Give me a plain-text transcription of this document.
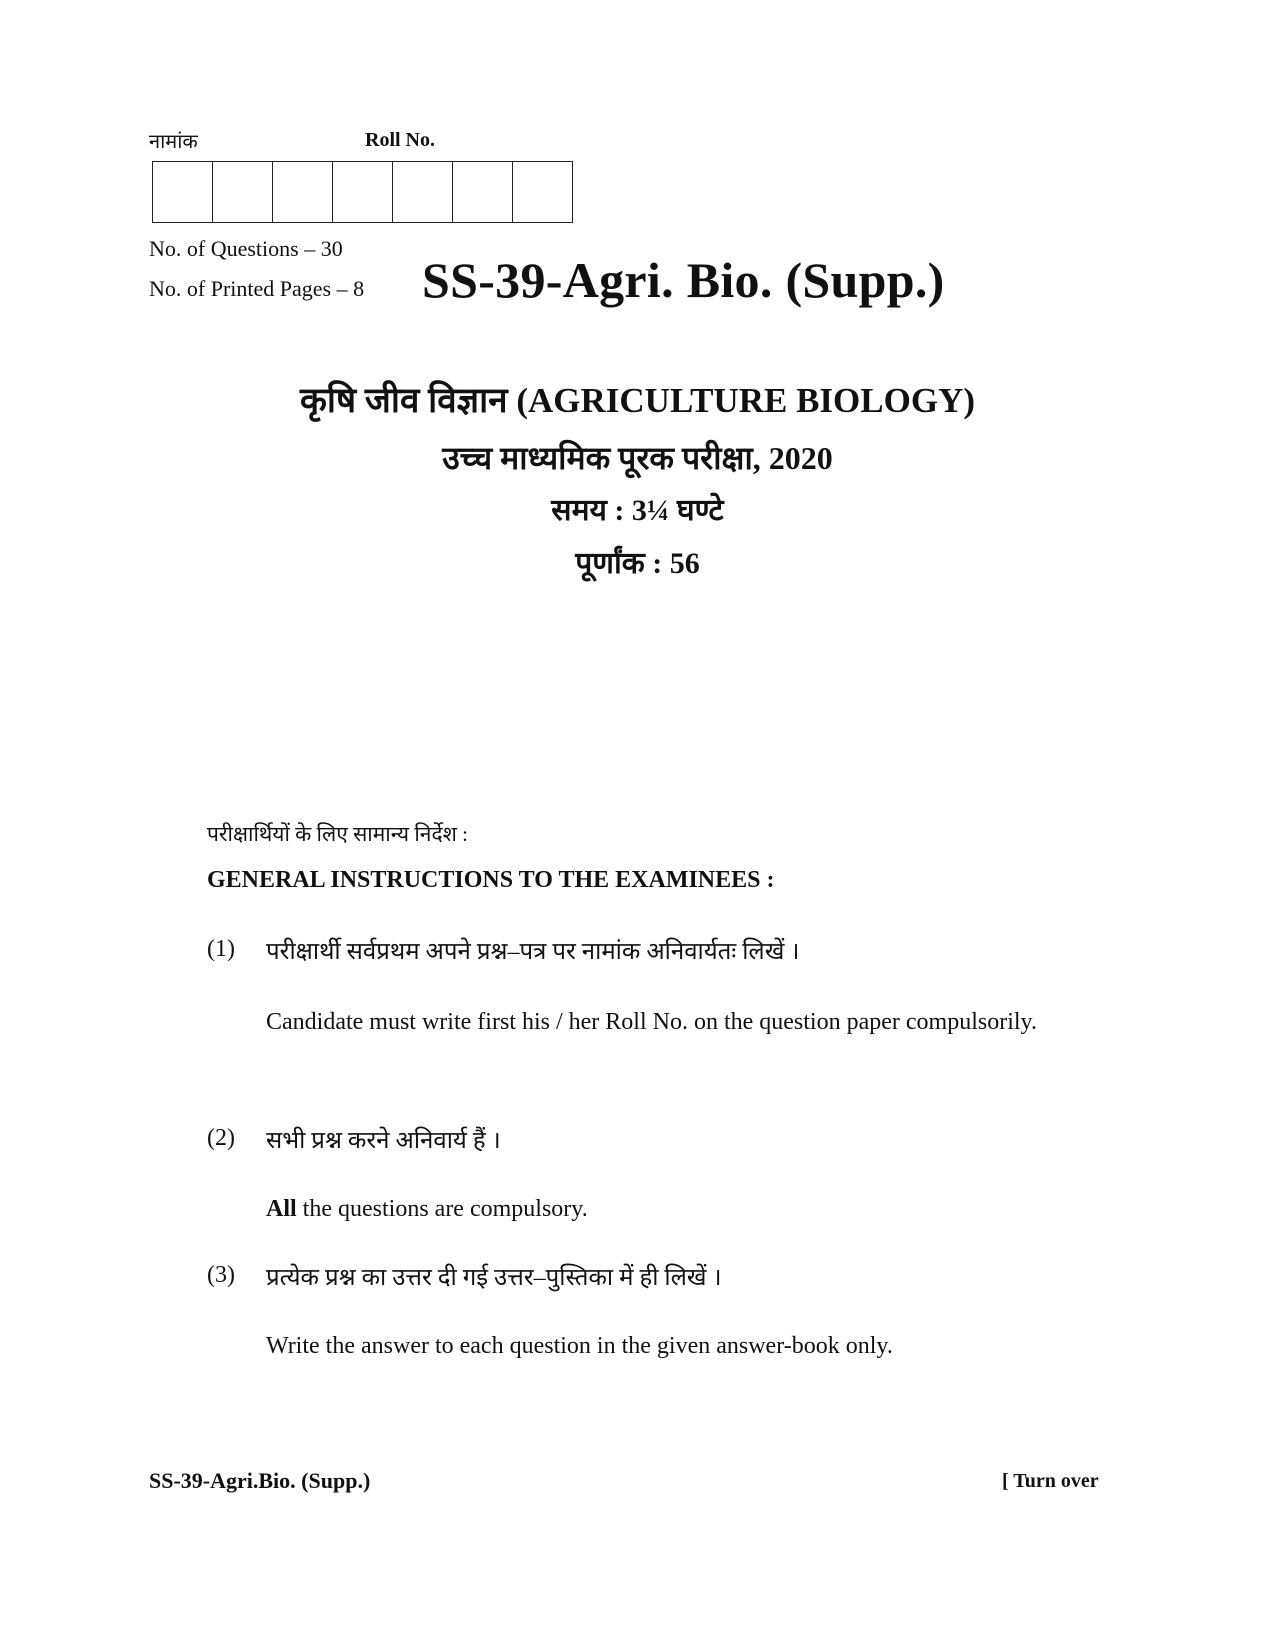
नामांक	Roll No.
No. of Questions – 30
No. of Printed Pages – 8 SS-39-Agri. Bio. (Supp.)
कृषि जीव विज्ञान (AGRICULTURE BIOLOGY)
उच्च माध्यमिक पूरक परीक्षा, 2020
समय : 3¼ घण्टे
पूर्णांक : 56
परीक्षार्थियों के लिए सामान्य निर्देश :
GENERAL INSTRUCTIONS TO THE EXAMINEES :
(1) परीक्षार्थी सर्वप्रथम अपने प्रश्न–पत्र पर नामांक अनिवार्यतः लिखें ।
Candidate must write first his / her Roll No. on the question paper compulsorily.
(2) सभी प्रश्न करने अनिवार्य हैं ।
All the questions are compulsory.
(3) प्रत्येक प्रश्न का उत्तर दी गई उत्तर–पुस्तिका में ही लिखें ।
Write the answer to each question in the given answer-book only.
SS-39-Agri.Bio. (Supp.)	[ Turn over
